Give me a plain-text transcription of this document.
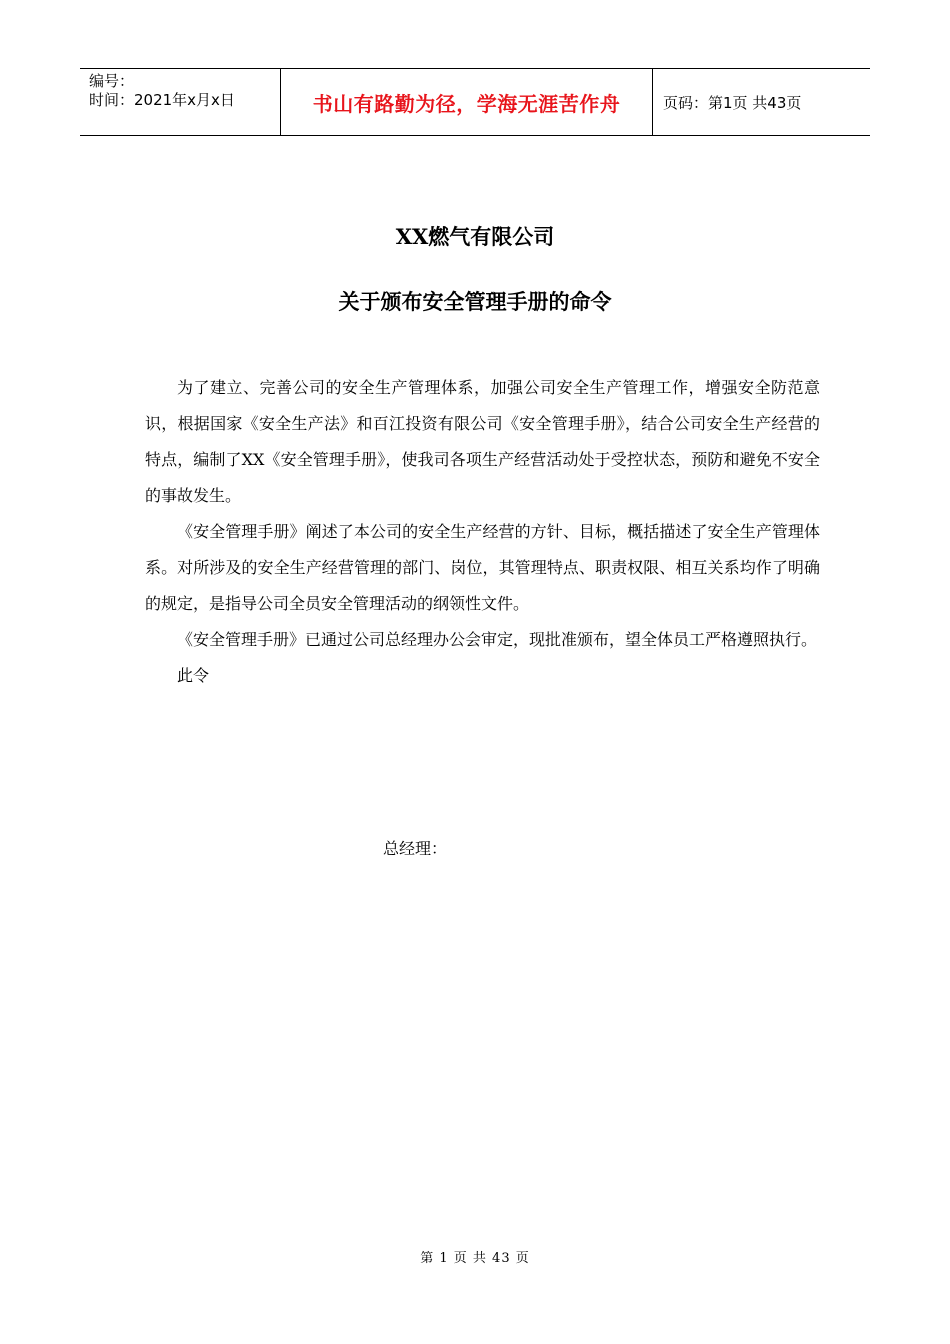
编号：
时间：2021年x月x日	书山有路勤为径，学海无涯苦作舟	页码：第1页 共43页
XX燃气有限公司
关于颁布安全管理手册的命令

为了建立、完善公司的安全生产管理体系，加强公司安全生产管理工作，增强安全防范意识，根据国家《安全生产法》和百江投资有限公司《安全管理手册》，结合公司安全生产经营的特点，编制了XX《安全管理手册》，使我司各项生产经营活动处于受控状态，预防和避免不安全的事故发生。

《安全管理手册》阐述了本公司的安全生产经营的方针、目标，概括描述了安全生产管理体系。对所涉及的安全生产经营管理的部门、岗位，其管理特点、职责权限、相互关系均作了明确的规定，是指导公司全员安全管理活动的纲领性文件。

《安全管理手册》已通过公司总经理办公会审定，现批准颁布，望全体员工严格遵照执行。

此令

总经理：
第 1 页 共 43 页
